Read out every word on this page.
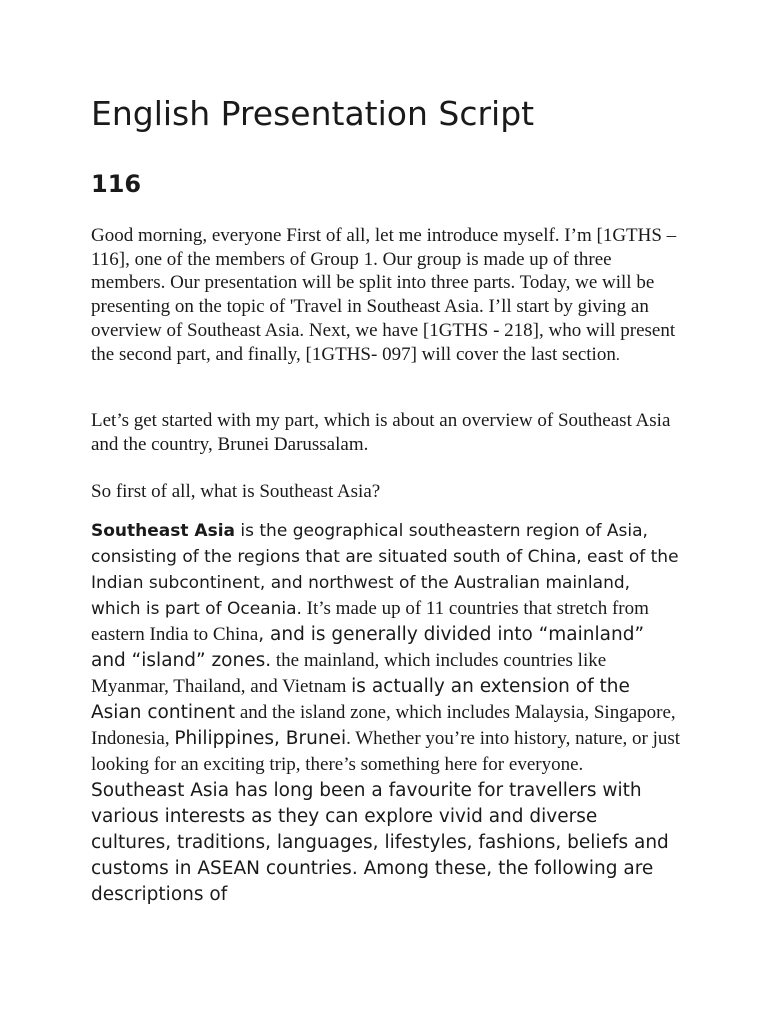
English Presentation Script
116

Good morning, everyone First of all, let me introduce myself. I’m [1GTHS – 116], one of the members of Group 1. Our group is made up of three members. Our presentation will be split into three parts. Today, we will be presenting on the topic of 'Travel in Southeast Asia. I’ll start by giving an overview of Southeast Asia. Next, we have [1GTHS - 218], who will present the second part, and finally, [1GTHS- 097] will cover the last section.

Let’s get started with my part, which is about an overview of Southeast Asia and the country, Brunei Darussalam.

So first of all, what is Southeast Asia?

Southeast Asia is the geographical southeastern region of Asia, consisting of the regions that are situated south of China, east of the Indian subcontinent, and northwest of the Australian mainland, which is part of Oceania. It’s made up of 11 countries that stretch from eastern India to China, and is generally divided into “mainland” and “island” zones. the mainland, which includes countries like Myanmar, Thailand, and Vietnam is actually an extension of the Asian continent and the island zone, which includes Malaysia, Singapore, Indonesia, Philippines, Brunei. Whether you’re into history, nature, or just looking for an exciting trip, there’s something here for everyone. Southeast Asia has long been a favourite for travellers with various interests as they can explore vivid and diverse cultures, traditions, languages, lifestyles, fashions, beliefs and customs in ASEAN countries. Among these, the following are descriptions of
